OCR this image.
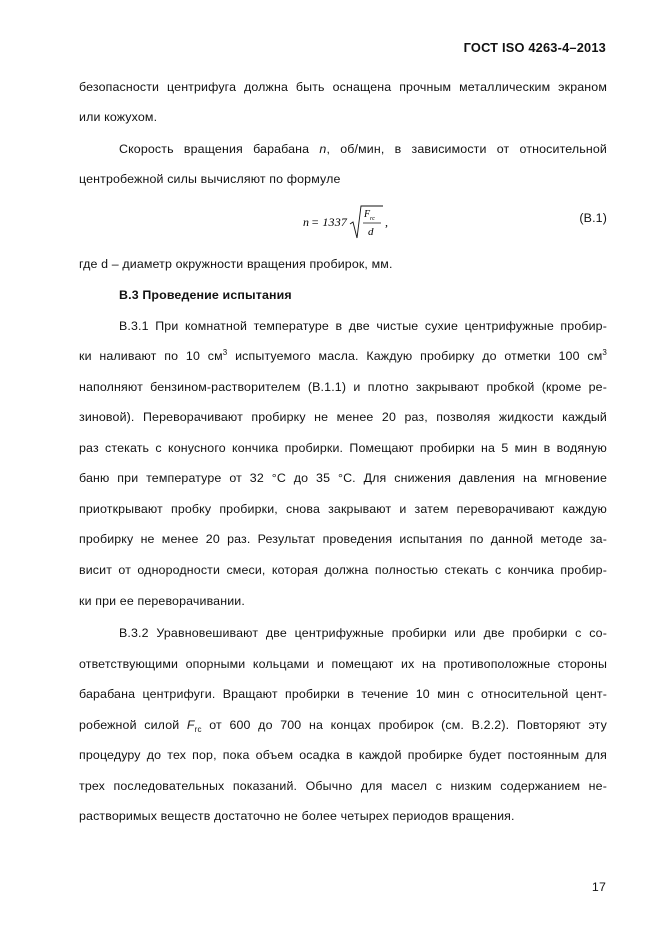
ГОСТ ISO 4263-4–2013
безопасности центрифуга должна быть оснащена прочным металлическим экраном
или кожухом.
Скорость вращения барабана n, об/мин, в зависимости от относительной
центробежной силы вычисляют по формуле
n = 1337
F rc
d
,	(В.1)
где d – диаметр окружности вращения пробирок, мм.
В.3 Проведение испытания
В.3.1 При комнатной температуре в две чистые сухие центрифужные пробир-
ки наливают по 10 $см^3$ испытуемого масла. Каждую пробирку до отметки 100 $см^3$
наполняют бензином-растворителем (В.1.1) и плотно закрывают пробкой (кроме ре-
зиновой). Переворачивают пробирку не менее 20 раз, позволяя жидкости каждый
раз стекать с конусного кончика пробирки. Помещают пробирки на 5 мин в водяную
баню при температуре от 32 °С до 35 °С. Для снижения давления на мгновение
приоткрывают пробку пробирки, снова закрывают и затем переворачивают каждую
пробирку не менее 20 раз. Результат проведения испытания по данной методе за-
висит от однородности смеси, которая должна полностью стекать с кончика пробир-
ки при ее переворачивании.
В.3.2 Уравновешивают две центрифужные пробирки или две пробирки с со-
ответствующими опорными кольцами и помещают их на противоположные стороны
барабана центрифуги. Вращают пробирки в течение 10 мин с относительной цент-
робежной силой $F_{rc}$ от 600 до 700 на концах пробирок (см. В.2.2). Повторяют эту
процедуру до тех пор, пока объем осадка в каждой пробирке будет постоянным для
трех последовательных показаний. Обычно для масел с низким содержанием не-
растворимых веществ достаточно не более четырех периодов вращения.
17
